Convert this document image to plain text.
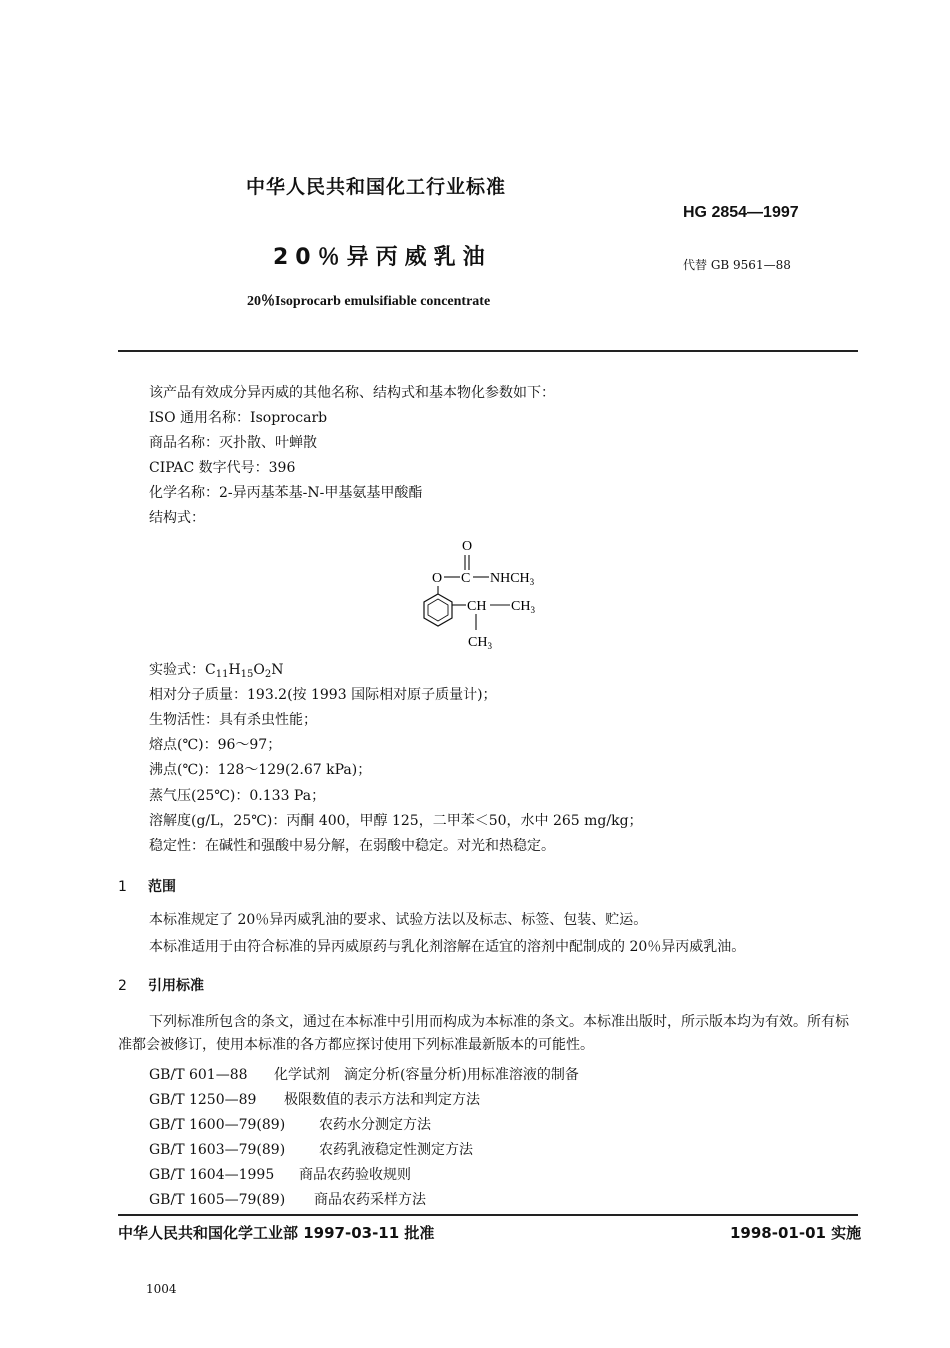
中华人民共和国化工行业标准
HG 2854—1997
20％异丙威乳油	代替 GB 9561—88
20％Isoprocarb emulsifiable concentrate
该产品有效成分异丙威的其他名称、结构式和基本物化参数如下：
ISO 通用名称：Isoprocarb
商品名称：灭扑散、叶蝉散
CIPAC 数字代号：396
化学名称：2-异丙基苯基-N-甲基氨基甲酸酯
结构式：
O
O C $NHCH_3$
CH $CH_3$
$CH_3$
实验式：$C_{11}H_{15}O_2N$
相对分子质量：193.2(按 1993 国际相对原子质量计)；
生物活性：具有杀虫性能；
熔点(℃)：96～97；
沸点(℃)：128～129(2.67 kPa)；
蒸气压(25℃)：0.133 Pa；
溶解度(g/L，25℃)：丙酮 400，甲醇 125，二甲苯＜50，水中 265 mg/kg；
稳定性：在碱性和强酸中易分解，在弱酸中稳定。对光和热稳定。
1 范围
本标准规定了 20％异丙威乳油的要求、试验方法以及标志、标签、包装、贮运。
本标准适用于由符合标准的异丙威原药与乳化剂溶解在适宜的溶剂中配制成的 20％异丙威乳油。
2 引用标准
下列标准所包含的条文，通过在本标准中引用而构成为本标准的条文。本标准出版时，所示版本均为有效。所有标准都会被修订，使用本标准的各方都应探讨使用下列标准最新版本的可能性。
GB/T 601—88 化学试剂　滴定分析(容量分析)用标准溶液的制备
GB/T 1250—89 极限数值的表示方法和判定方法
GB/T 1600—79(89) 农药水分测定方法
GB/T 1603—79(89) 农药乳液稳定性测定方法
GB/T 1604—1995 商品农药验收规则
GB/T 1605—79(89) 商品农药采样方法
中华人民共和国化学工业部 1997-03-11 批准	1998-01-01 实施
1004
